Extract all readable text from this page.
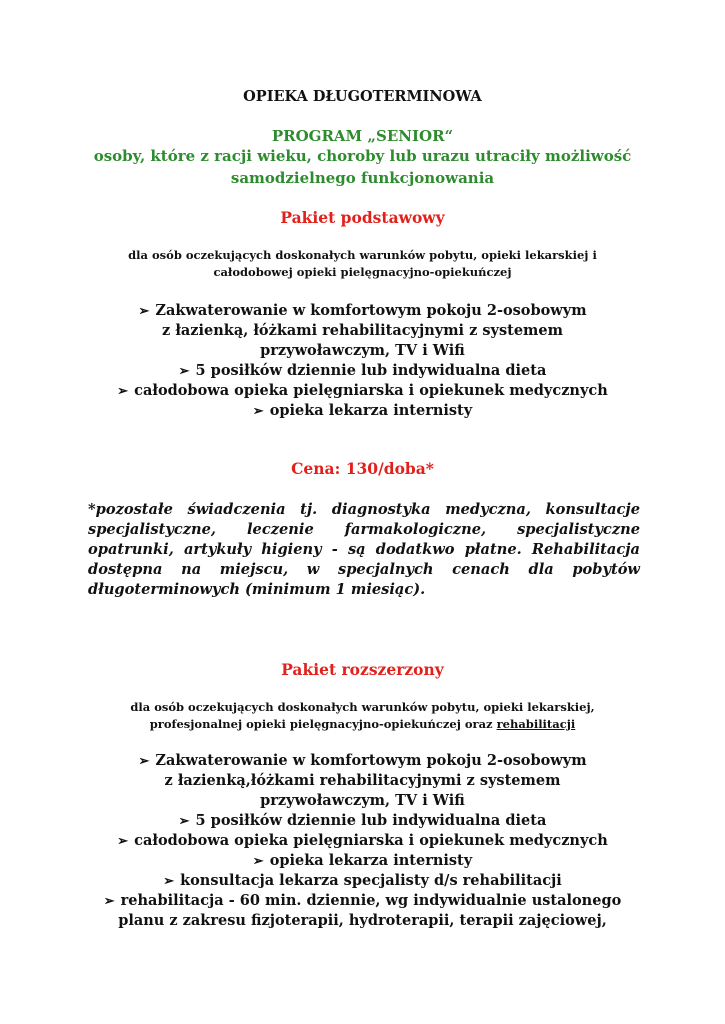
OPIEKA DŁUGOTERMINOWA
PROGRAM „SENIOR“
osoby, które z racji wieku, choroby lub urazu utraciły możliwość
samodzielnego funkcjonowania
Pakiet podstawowy
dla osób oczekujących doskonałych warunków pobytu, opieki lekarskiej i
całodobowej opieki pielęgnacyjno-opiekuńczej
➢ Zakwaterowanie w komfortowym pokoju 2-osobowym
z łazienką, łóżkami rehabilitacyjnymi z systemem
przywoławczym, TV i Wifi
➢ 5 posiłków dziennie lub indywidualna dieta
➢ całodobowa opieka pielęgniarska i opiekunek medycznych
➢ opieka lekarza internisty
Cena: 130/doba*
*pozostałe świadczenia tj. diagnostyka medyczna, konsultacje specjalistyczne, leczenie farmakologiczne, specjalistyczne opatrunki, artykuły higieny - są dodatkwo płatne. Rehabilitacja dostępna na miejscu, w specjalnych cenach dla pobytów długoterminowych (minimum 1 miesiąc).
Pakiet rozszerzony
dla osób oczekujących doskonałych warunków pobytu, opieki lekarskiej,
profesjonalnej opieki pielęgnacyjno-opiekuńczej oraz rehabilitacji
➢ Zakwaterowanie w komfortowym pokoju 2-osobowym
z łazienką,łóżkami rehabilitacyjnymi z systemem
przywoławczym, TV i Wifi
➢ 5 posiłków dziennie lub indywidualna dieta
➢ całodobowa opieka pielęgniarska i opiekunek medycznych
➢ opieka lekarza internisty
➢ konsultacja lekarza specjalisty d/s rehabilitacji
➢ rehabilitacja - 60 min. dziennie, wg indywidualnie ustalonego
planu z zakresu fizjoterapii, hydroterapii, terapii zajęciowej,
